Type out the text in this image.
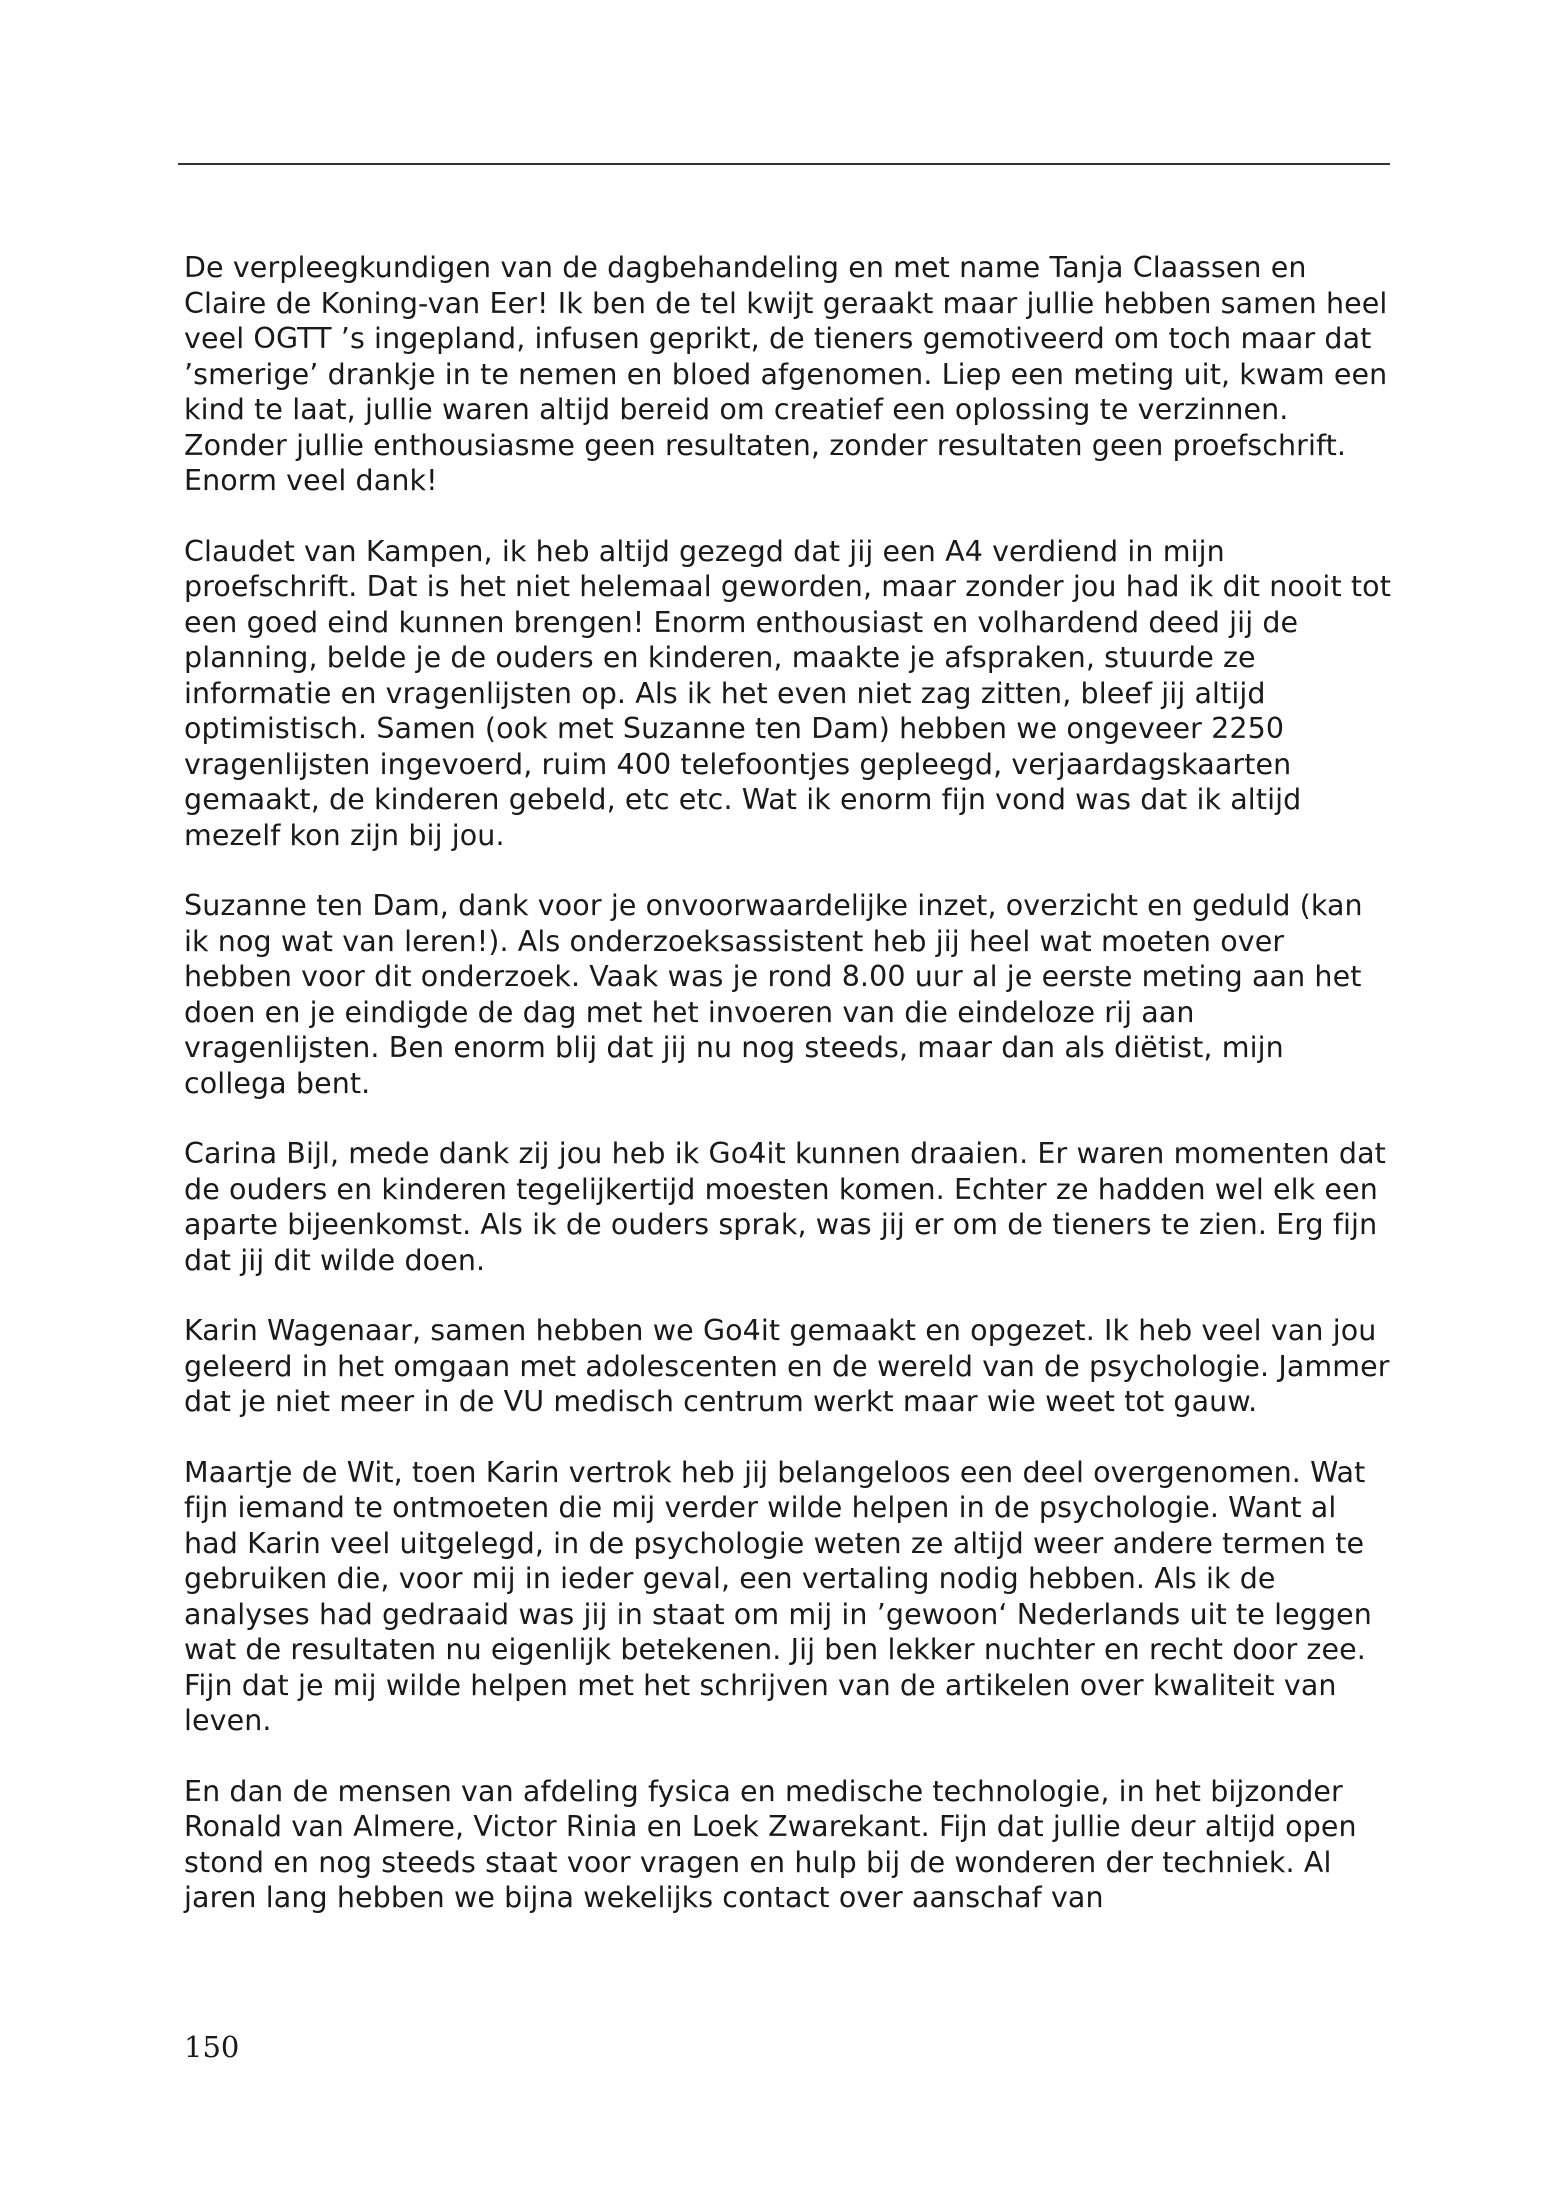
De verpleegkundigen van de dagbehandeling en met name Tanja Claassen en Claire de Koning-van Eer! Ik ben de tel kwijt geraakt maar jullie hebben samen heel veel OGTT ’s ingepland, infusen geprikt, de tieners gemotiveerd om toch maar dat ’smerige’ drankje in te nemen en bloed afgenomen. Liep een meting uit, kwam een kind te laat, jullie waren altijd bereid om creatief een oplossing te verzinnen. Zonder jullie enthousiasme geen resultaten, zonder resultaten geen proefschrift. Enorm veel dank!

Claudet van Kampen, ik heb altijd gezegd dat jij een A4 verdiend in mijn proefschrift. Dat is het niet helemaal geworden, maar zonder jou had ik dit nooit tot een goed eind kunnen brengen! Enorm enthousiast en volhardend deed jij de planning, belde je de ouders en kinderen, maakte je afspraken, stuurde ze informatie en vragenlijsten op. Als ik het even niet zag zitten, bleef jij altijd optimistisch. Samen (ook met Suzanne ten Dam) hebben we ongeveer 2250 vragenlijsten ingevoerd, ruim 400 telefoontjes gepleegd, verjaardagskaarten gemaakt, de kinderen gebeld, etc etc. Wat ik enorm fijn vond was dat ik altijd mezelf kon zijn bij jou.

Suzanne ten Dam, dank voor je onvoorwaardelijke inzet, overzicht en geduld (kan ik nog wat van leren!). Als onderzoeksassistent heb jij heel wat moeten over hebben voor dit onderzoek. Vaak was je rond 8.00 uur al je eerste meting aan het doen en je eindigde de dag met het invoeren van die eindeloze rij aan vragenlijsten. Ben enorm blij dat jij nu nog steeds, maar dan als diëtist, mijn collega bent.

Carina Bijl, mede dank zij jou heb ik Go4it kunnen draaien. Er waren momenten dat de ouders en kinderen tegelijkertijd moesten komen. Echter ze hadden wel elk een aparte bijeenkomst. Als ik de ouders sprak, was jij er om de tieners te zien. Erg fijn dat jij dit wilde doen.

Karin Wagenaar, samen hebben we Go4it gemaakt en opgezet. Ik heb veel van jou geleerd in het omgaan met adolescenten en de wereld van de psychologie. Jammer dat je niet meer in de VU medisch centrum werkt maar wie weet tot gauw.

Maartje de Wit, toen Karin vertrok heb jij belangeloos een deel overgenomen. Wat fijn iemand te ontmoeten die mij verder wilde helpen in de psychologie. Want al had Karin veel uitgelegd, in de psychologie weten ze altijd weer andere termen te gebruiken die, voor mij in ieder geval, een vertaling nodig hebben. Als ik de analyses had gedraaid was jij in staat om mij in ’gewoon‘ Nederlands uit te leggen wat de resultaten nu eigenlijk betekenen. Jij ben lekker nuchter en recht door zee. Fijn dat je mij wilde helpen met het schrijven van de artikelen over kwaliteit van leven.

En dan de mensen van afdeling fysica en medische technologie, in het bijzonder Ronald van Almere, Victor Rinia en Loek Zwarekant. Fijn dat jullie deur altijd open stond en nog steeds staat voor vragen en hulp bij de wonderen der techniek. Al jaren lang hebben we bijna wekelijks contact over aanschaf van

150
